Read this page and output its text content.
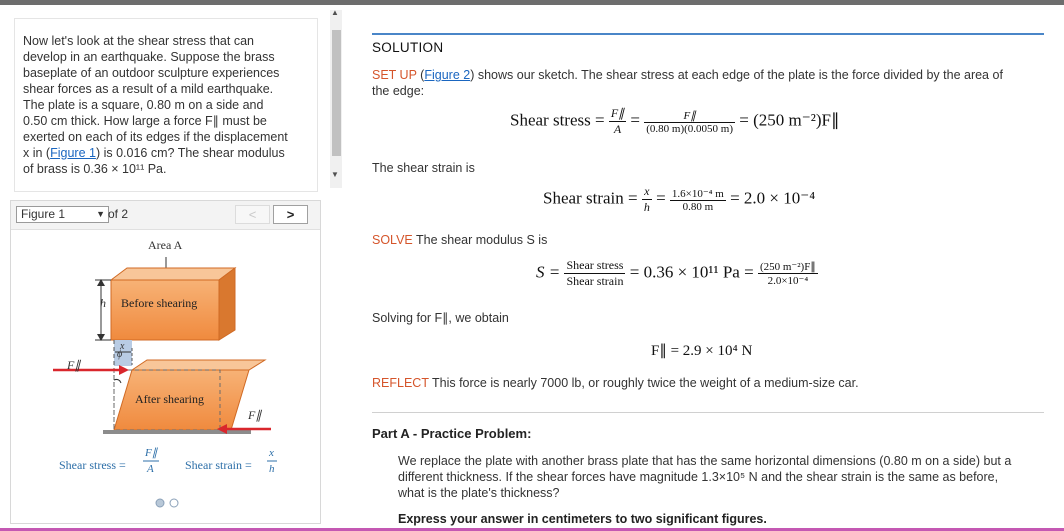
Now let's look at the shear stress that can
develop in an earthquake. Suppose the brass
baseplate of an outdoor sculpture experiences
shear forces as a result of a mild earthquake.
The plate is a square, 0.80 m on a side and
0.50 cm thick. How large a force F∥ must be
exerted on each of its edges if the displacement
x in (Figure 1) is 0.016 cm? The shear modulus
of brass is 0.36 × 10¹¹ Pa.
▲
▼
Figure 1	▼ of 2	<	>
Area A
h Before shearing
x
ϕ
F∥
After shearing
F∥
Shear stress =
F∥
A	Shear strain =
x
h
SOLUTION
SET UP (Figure 2) shows our sketch. The shear stress at each edge of the plate is the force divided by the area of
the edge:
Shear stress = $\frac{F\parallel}{A} = \frac{F\parallel}{(0.80 m)(0.0050 m)} = (250$ m⁻²)F∥
The shear strain is
Shear strain = $\frac{x}{h} = \frac{\text{1.6×10⁻⁴ m}}{0.80 m} = 2.0 \times 10^{-4}$
SOLVE The shear modulus S is
$S = \frac{\text{Shear stress}}{\text{Shear strain}} = 0.36 \times 10^{11}$ $Pa = \frac{\text{(250 m⁻²)F∥}}{\text{2.0×10⁻⁴}}$
Solving for F∥, we obtain
F∥ = 2.9 × 10⁴ N
REFLECT This force is nearly 7000 lb, or roughly twice the weight of a medium-size car.
Part A - Practice Problem:
We replace the plate with another brass plate that has the same horizontal dimensions (0.80 m on a side) but a
different thickness. If the shear forces have magnitude 1.3×10⁵ N and the shear strain is the same as before,
what is the plate's thickness?
Express your answer in centimeters to two significant figures.
